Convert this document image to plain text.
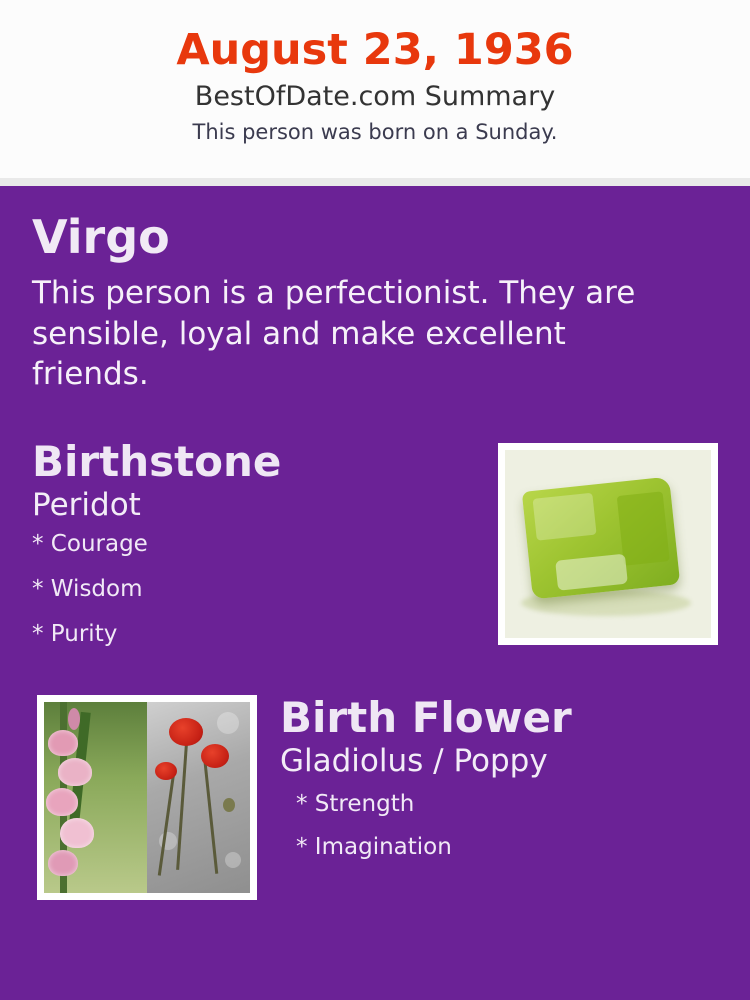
August 23, 1936
BestOfDate.com Summary
This person was born on a Sunday.
Virgo
This person is a perfectionist. They are sensible, loyal and make excellent friends.
Birthstone
Peridot
* Courage
* Wisdom
* Purity
Birth Flower
Gladiolus / Poppy
* Strength
* Imagination
